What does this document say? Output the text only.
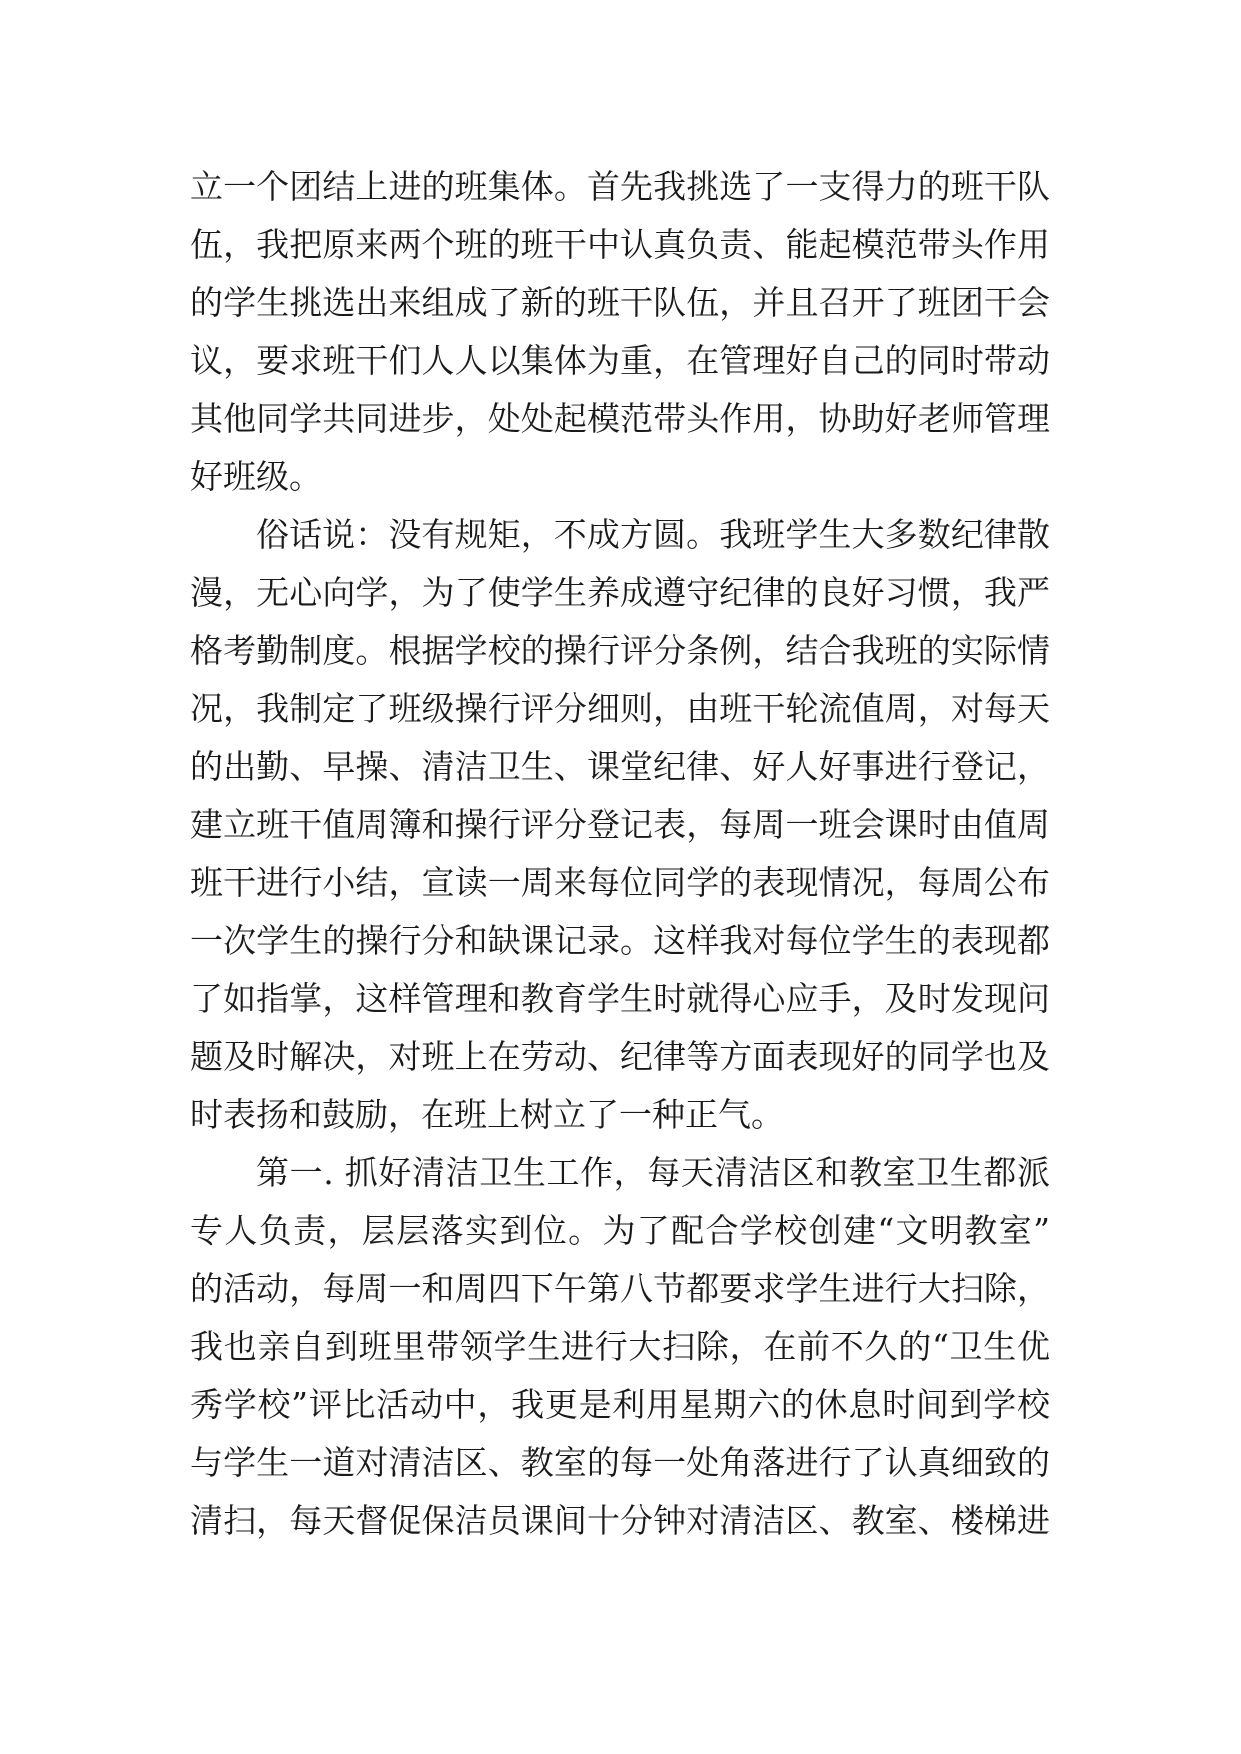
立一个团结上进的班集体。首先我挑选了一支得力的班干队
伍，我把原来两个班的班干中认真负责、能起模范带头作用
的学生挑选出来组成了新的班干队伍，并且召开了班团干会
议，要求班干们人人以集体为重，在管理好自己的同时带动
其他同学共同进步，处处起模范带头作用，协助好老师管理
好班级。
俗话说：没有规矩，不成方圆。我班学生大多数纪律散
漫，无心向学，为了使学生养成遵守纪律的良好习惯，我严
格考勤制度。根据学校的操行评分条例，结合我班的实际情
况，我制定了班级操行评分细则，由班干轮流值周，对每天
的出勤、早操、清洁卫生、课堂纪律、好人好事进行登记，
建立班干值周簿和操行评分登记表，每周一班会课时由值周
班干进行小结，宣读一周来每位同学的表现情况，每周公布
一次学生的操行分和缺课记录。这样我对每位学生的表现都
了如指掌，这样管理和教育学生时就得心应手，及时发现问
题及时解决，对班上在劳动、纪律等方面表现好的同学也及
时表扬和鼓励，在班上树立了一种正气。
第一. 抓好清洁卫生工作，每天清洁区和教室卫生都派
专人负责，层层落实到位。为了配合学校创建“文明教室”
的活动，每周一和周四下午第八节都要求学生进行大扫除，
我也亲自到班里带领学生进行大扫除，在前不久的“卫生优
秀学校”评比活动中，我更是利用星期六的休息时间到学校
与学生一道对清洁区、教室的每一处角落进行了认真细致的
清扫，每天督促保洁员课间十分钟对清洁区、教室、楼梯进
